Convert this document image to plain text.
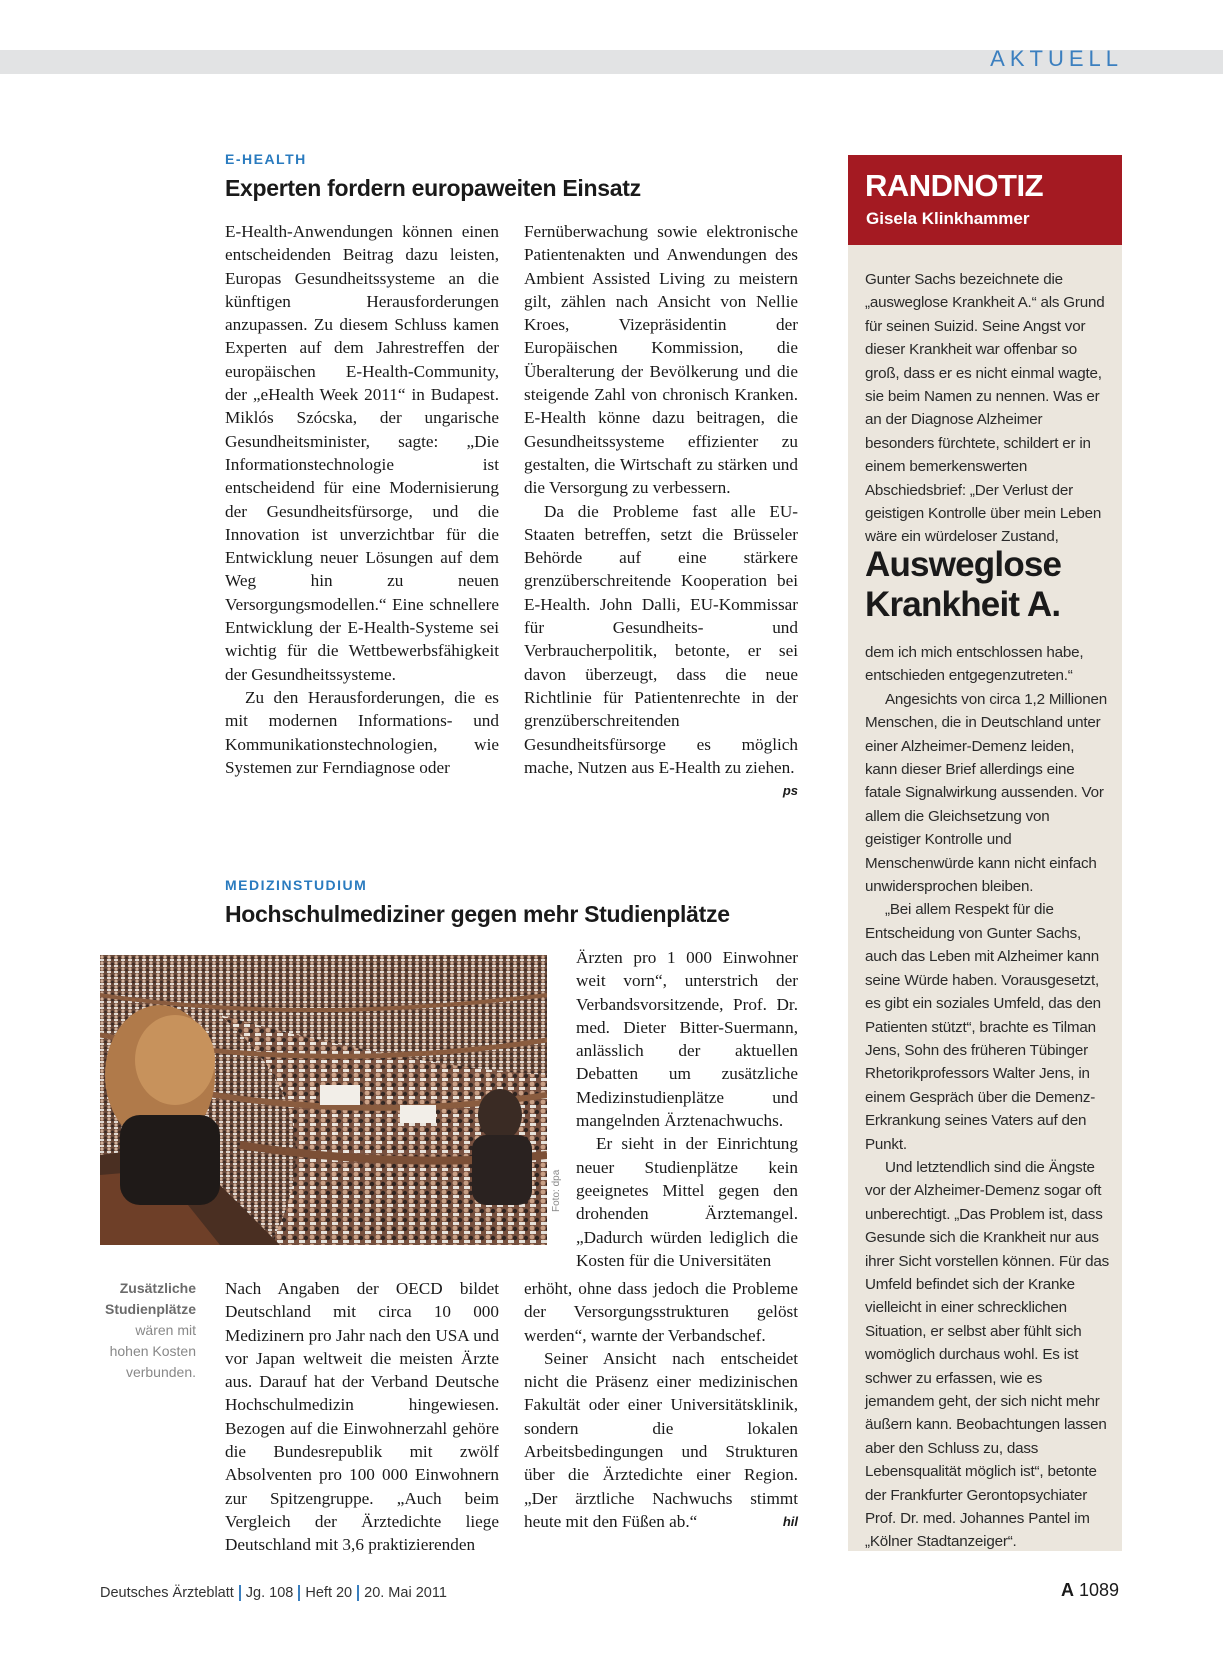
AKTUELL
E-HEALTH
Experten fordern europaweiten Einsatz

E-Health-Anwendungen können einen entscheidenden Beitrag dazu leisten, Europas Gesundheitssysteme an die künftigen Herausforderungen anzupassen. Zu diesem Schluss kamen Experten auf dem Jahrestreffen der europäischen E-Health-Community, der „eHealth Week 2011“ in Budapest. Miklós Szócska, der ungarische Gesundheitsminister, sagte: „Die Informationstechnologie ist entscheidend für eine Modernisierung der Gesundheitsfürsorge, und die Innovation ist unverzichtbar für die Entwicklung neuer Lösungen auf dem Weg hin zu neuen Versorgungsmodellen.“ Eine schnellere Entwicklung der E-Health-Systeme sei wichtig für die Wettbewerbsfähigkeit der Gesundheitssysteme.

Zu den Herausforderungen, die es mit modernen Informations- und Kommunikationstechnologien, wie Systemen zur Ferndiagnose oder

Fernüberwachung sowie elektronische Patientenakten und Anwendungen des Ambient Assisted Living zu meistern gilt, zählen nach Ansicht von Nellie Kroes, Vizepräsidentin der Europäischen Kommission, die Überalterung der Bevölkerung und die steigende Zahl von chronisch Kranken. E-Health könne dazu beitragen, die Gesundheitssysteme effizienter zu gestalten, die Wirtschaft zu stärken und die Versorgung zu verbessern.

Da die Probleme fast alle EU-Staaten betreffen, setzt die Brüsseler Behörde auf eine stärkere grenzüberschreitende Kooperation bei E-Health. John Dalli, EU-Kommissar für Gesundheits- und Verbraucherpolitik, betonte, er sei davon überzeugt, dass die neue Richtlinie für Patientenrechte in der grenzüberschreitenden Gesundheitsfürsorge es möglich mache, Nutzen aus E-Health zu ziehen.
ps

MEDIZINSTUDIUM
Hochschulmediziner gegen mehr Studienplätze
Foto: dpa
Zusätzliche Studienplätze wären mit hohen Kosten verbunden.

Nach Angaben der OECD bildet Deutschland mit circa 10 000 Medizinern pro Jahr nach den USA und vor Japan weltweit die meisten Ärzte aus. Darauf hat der Verband Deutsche Hochschulmedizin hingewiesen. Bezogen auf die Einwohnerzahl gehöre die Bundesrepublik mit zwölf Absolventen pro 100 000 Einwohnern zur Spitzengruppe. „Auch beim Vergleich der Ärztedichte liege Deutschland mit 3,6 praktizierenden

Ärzten pro 1 000 Einwohner weit vorn“, unterstrich der Verbandsvorsitzende, Prof. Dr. med. Dieter Bitter-Suermann, anlässlich der aktuellen Debatten um zusätzliche Medizinstudienplätze und mangelnden Ärztenachwuchs.

Er sieht in der Einrichtung neuer Studienplätze kein geeignetes Mittel gegen den drohenden Ärztemangel. „Dadurch würden lediglich die Kosten für die Universitäten

erhöht, ohne dass jedoch die Probleme der Versorgungsstrukturen gelöst werden“, warnte der Verbandschef.

Seiner Ansicht nach entscheidet nicht die Präsenz einer medizinischen Fakultät oder einer Universitätsklinik, sondern die lokalen Arbeitsbedingungen und Strukturen über die Ärztedichte einer Region. „Der ärztliche Nachwuchs stimmt heute mit den Füßen ab.“	hil

RANDNOTIZ
Gisela Klinkhammer

Gunter Sachs bezeichnete die „ausweglose Krankheit A.“ als Grund für seinen Suizid. Seine Angst vor dieser Krankheit war offenbar so groß, dass er es nicht einmal wagte, sie beim Namen zu nennen. Was er an der Diagnose Alzheimer besonders fürchtete, schildert er in einem bemerkenswerten Abschiedsbrief: „Der Verlust der geistigen Kontrolle über mein Leben wäre ein würdeloser Zustand,

Ausweglose
Krankheit A.

dem ich mich entschlossen habe, entschieden entgegenzutreten.“

Angesichts von circa 1,2 Millionen Menschen, die in Deutschland unter einer Alzheimer-Demenz leiden, kann dieser Brief allerdings eine fatale Signalwirkung aussenden. Vor allem die Gleichsetzung von geistiger Kontrolle und Menschenwürde kann nicht einfach unwidersprochen bleiben.

„Bei allem Respekt für die Entscheidung von Gunter Sachs, auch das Leben mit Alzheimer kann seine Würde haben. Vorausgesetzt, es gibt ein soziales Umfeld, das den Patienten stützt“, brachte es Tilman Jens, Sohn des früheren Tübinger Rhetorikprofessors Walter Jens, in einem Gespräch über die Demenz-Erkrankung seines Vaters auf den Punkt.

Und letztendlich sind die Ängste vor der Alzheimer-Demenz sogar oft unberechtigt. „Das Problem ist, dass Gesunde sich die Krankheit nur aus ihrer Sicht vorstellen können. Für das Umfeld befindet sich der Kranke vielleicht in einer schrecklichen Situation, er selbst aber fühlt sich womöglich durchaus wohl. Es ist schwer zu erfassen, wie es jemandem geht, der sich nicht mehr äußern kann. Beobachtungen lassen aber den Schluss zu, dass Lebensqualität möglich ist“, betonte der Frankfurter Gerontopsychiater Prof. Dr. med. Johannes Pantel im „Kölner Stadtanzeiger“.

Deutsches Ärzteblatt Jg. 108 Heft 20 20. Mai 2011	A 1089
